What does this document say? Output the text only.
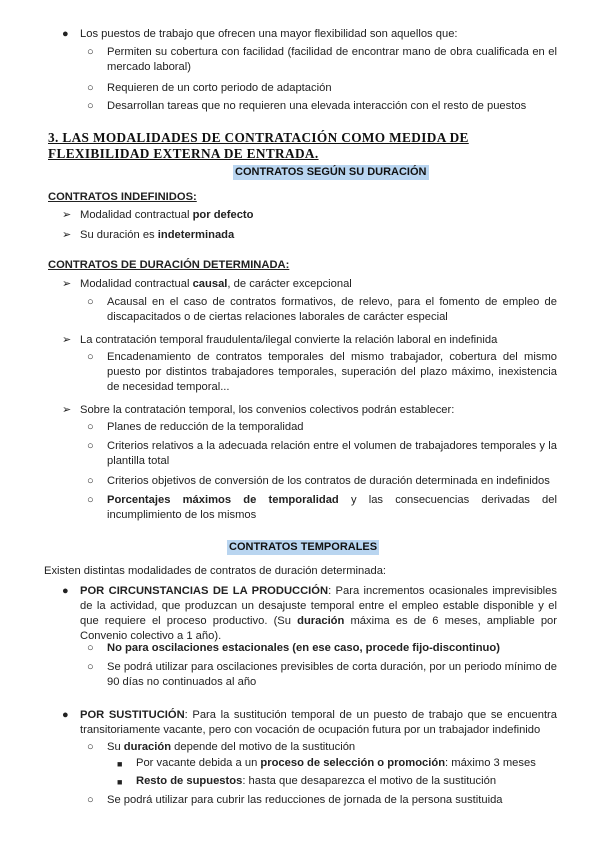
● Los puestos de trabajo que ofrecen una mayor flexibilidad son aquellos que:
○ Permiten su cobertura con facilidad (facilidad de encontrar mano de obra cualificada en el mercado laboral)
○ Requieren de un corto periodo de adaptación
○ Desarrollan tareas que no requieren una elevada interacción con el resto de puestos
3. LAS MODALIDADES DE CONTRATACIÓN COMO MEDIDA DE FLEXIBILIDAD EXTERNA DE ENTRADA.
CONTRATOS SEGÚN SU DURACIÓN
CONTRATOS INDEFINIDOS:
➢ Modalidad contractual por defecto
➢ Su duración es indeterminada
CONTRATOS DE DURACIÓN DETERMINADA:
➢ Modalidad contractual causal, de carácter excepcional
○ Acausal en el caso de contratos formativos, de relevo, para el fomento de empleo de discapacitados o de ciertas relaciones laborales de carácter especial
➢ La contratación temporal fraudulenta/ilegal convierte la relación laboral en indefinida
○ Encadenamiento de contratos temporales del mismo trabajador, cobertura del mismo puesto por distintos trabajadores temporales, superación del plazo máximo, inexistencia de necesidad temporal...
➢ Sobre la contratación temporal, los convenios colectivos podrán establecer:
○ Planes de reducción de la temporalidad
○ Criterios relativos a la adecuada relación entre el volumen de trabajadores temporales y la plantilla total
○ Criterios objetivos de conversión de los contratos de duración determinada en indefinidos
○ Porcentajes máximos de temporalidad y las consecuencias derivadas del incumplimiento de los mismos
CONTRATOS TEMPORALES
Existen distintas modalidades de contratos de duración determinada:
● POR CIRCUNSTANCIAS DE LA PRODUCCIÓN: Para incrementos ocasionales imprevisibles de la actividad, que produzcan un desajuste temporal entre el empleo estable disponible y el que requiere el proceso productivo. (Su duración máxima es de 6 meses, ampliable por Convenio colectivo a 1 año).
○ No para oscilaciones estacionales (en ese caso, procede fijo-discontinuo)
○ Se podrá utilizar para oscilaciones previsibles de corta duración, por un periodo mínimo de 90 días no continuados al año
● POR SUSTITUCIÓN: Para la sustitución temporal de un puesto de trabajo que se encuentra transitoriamente vacante, pero con vocación de ocupación futura por un trabajador indefinido
○ Su duración depende del motivo de la sustitución
■ Por vacante debida a un proceso de selección o promoción: máximo 3 meses
■ Resto de supuestos: hasta que desaparezca el motivo de la sustitución
○ Se podrá utilizar para cubrir las reducciones de jornada de la persona sustituida
